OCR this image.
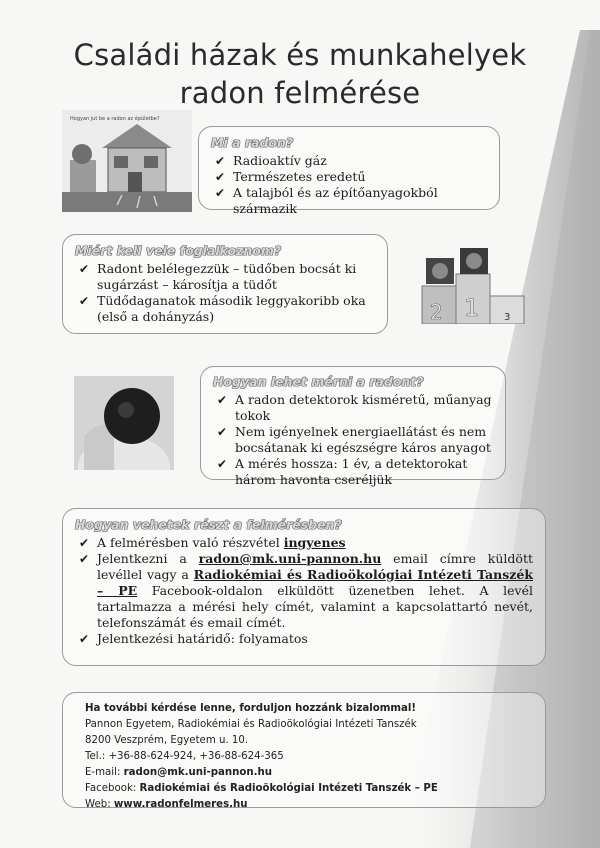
Családi házak és munkahelyek
radon felmérése
Hogyan jut be a radon az épületbe?
Mi a radon?
✔ Radioaktív gáz
✔ Természetes eredetű
✔ A talajból és az építőanyagokból származik
Miért kell vele foglalkoznom?
✔ Radont belélegezzük – tüdőben bocsát ki sugárzást – károsítja a tüdőt
✔ Tüdődaganatok második leggyakoribb oka (első a dohányzás)	1
2	3
Hogyan lehet mérni a radont?
✔ A radon detektorok kisméretű, műanyag tokok
✔ Nem igényelnek energiaellátást és nem bocsátanak ki egészségre káros anyagot
✔ A mérés hossza: 1 év, a detektorokat három havonta cseréljük
Hogyan vehetek részt a felmérésben?
✔ A felmérésben való részvétel ingyenes
✔ Jelentkezni a radon@mk.uni-pannon.hu email címre küldött levéllel vagy a Radiokémiai és Radioökológiai Intézeti Tanszék – PE Facebook-oldalon elküldött üzenetben lehet. A levél tartalmazza a mérési hely címét, valamint a kapcsolattartó nevét, telefonszámát és email címét.
✔ Jelentkezési határidő: folyamatos
Ha további kérdése lenne, forduljon hozzánk bizalommal!
Pannon Egyetem, Radiokémiai és Radioökológiai Intézeti Tanszék
8200 Veszprém, Egyetem u. 10.
Tel.: +36-88-624-924, +36-88-624-365
E-mail: radon@mk.uni-pannon.hu
Facebook: Radiokémiai és Radioökológiai Intézeti Tanszék – PE
Web: www.radonfelmeres.hu
